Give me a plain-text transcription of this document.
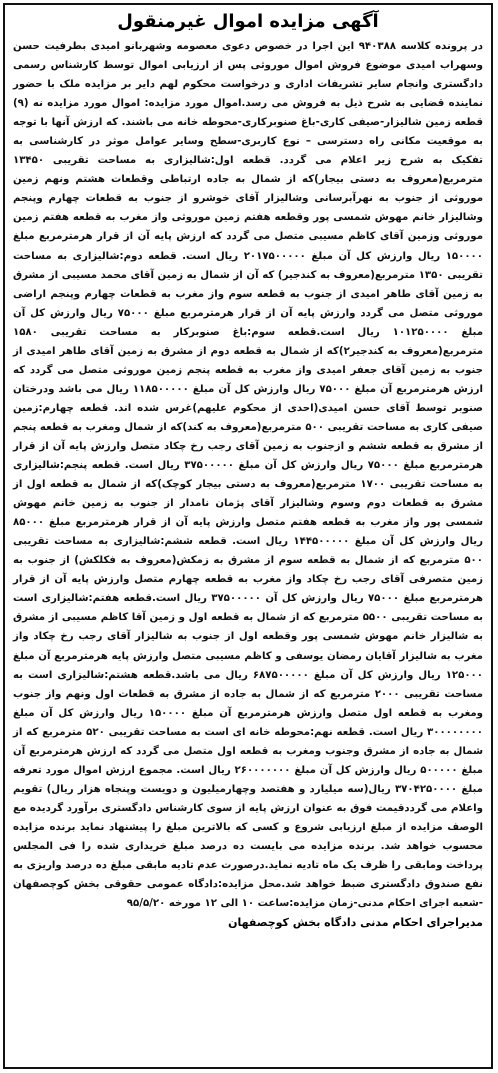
آگهی مزایده اموال غیرمنقول

در پرونده کلاسه ۹۴۰۳۸۸ این اجرا در خصوص دعوی معصومه وشهربانو امیدی بطرفیت حسن وسهراب امیدی موضوع فروش اموال موروثی پس از ارزیابی اموال توسط کارشناس رسمی دادگستری وانجام سایر تشریفات اداری و درخواست محکوم لهم دایر بر مزایده ملک با حضور نماینده قضایی به شرح ذیل به فروش می رسد.اموال مورد مزایده: اموال مورد مزایده نه (۹) قطعه زمین شالیزار-صیفی کاری-باغ صنوبرکاری-محوطه خانه می باشند. که ارزش آنها با توجه به موقعیت مکانی راه دسترسی – نوع کاربری-سطح وسایر عوامل موثر در کارشناسی به تفکیک به شرح زیر اعلام می گردد. قطعه اول:شالیزاری به مساحت تقریبی ۱۳۴۵۰ مترمربع(معروف به دستی بیجار)که از شمال به جاده ارتباطی وقطعات هشتم ونهم زمین موروثی از جنوب به نهرآبرسانی وشالیزار آقای خوشرو از جنوب به قطعات چهارم وپنجم وشالیزار خانم مهوش شمسی پور وقطعه هفتم زمین موروثی واز مغرب به قطعه هفتم زمین موروثی وزمین آقای کاظم مسیبی متصل می گردد که ارزش پایه آن از قرار هرمترمربع مبلغ ۱۵۰۰۰۰ ریال وارزش کل آن مبلغ ۲۰۱۷۵۰۰۰۰۰ ریال است. قطعه دوم:شالیزاری به مساحت تقریبی ۱۳۵۰ مترمربع(معروف به کندجیر) که آن از شمال به زمین آقای محمد مسیبی از مشرق به زمین آقای طاهر امیدی از جنوب به قطعه سوم واز مغرب به قطعات چهارم وپنجم اراضی موروثی متصل می گردد وارزش پایه آن از قرار هرمترمربع مبلغ ۷۵۰۰۰ ریال وارزش کل آن مبلغ ۱۰۱۲۵۰۰۰۰ ریال است.قطعه سوم:باغ صنوبرکار به مساحت تقریبی ۱۵۸۰ مترمربع(معروف به کندجیر۲)که از شمال به قطعه دوم از مشرق به زمین آقای طاهر امیدی از جنوب به زمین آقای جعفر امیدی واز مغرب به قطعه پنجم زمین موروثی متصل می گردد که ارزش هرمترمربع آن مبلغ ۷۵۰۰۰ ریال وارزش کل آن مبلغ ۱۱۸۵۰۰۰۰۰ ریال می باشد ودرختان صنوبر توسط آقای حسن امیدی(احدی از محکوم علیهم)غرس شده اند. قطعه چهارم:زمین صیفی کاری به مساحت تقریبی ۵۰۰ مترمربع(معروف به کند)که از شمال ومغرب به قطعه پنجم از مشرق به قطعه ششم و ازجنوب به زمین آقای رجب رخ چکاد متصل وارزش پایه آن از قرار هرمترمربع مبلغ ۷۵۰۰۰ ریال وارزش کل آن مبلغ ۳۷۵۰۰۰۰۰ ریال است. قطعه پنجم:شالیزاری به مساحت تقریبی ۱۷۰۰ مترمربع(معروف به دستی بیجار کوچک)که از شمال به قطعه اول از مشرق به قطعات دوم وسوم وشالیزار آقای پژمان نامدار از جنوب به زمین خانم مهوش شمسی پور واز مغرب به قطعه هفتم متصل وارزش پایه آن از قرار هرمترمربع مبلغ ۸۵۰۰۰ ریال وارزش کل آن مبلغ ۱۴۴۵۰۰۰۰۰ ریال است. قطعه ششم:شالیزاری به مساحت تقریبی ۵۰۰ مترمربع که از شمال به قطعه سوم از مشرق به زمکش(معروف به فکلکش) از جنوب به زمین متصرفی آقای رجب رخ چکاد واز مغرب به قطعه چهارم متصل وارزش پایه آن از قرار هرمترمربع مبلغ ۷۵۰۰۰ ریال وارزش کل آن ۳۷۵۰۰۰۰۰ ریال است.قطعه هفتم:شالیزاری است به مساحت تقریبی ۵۵۰۰ مترمربع که از شمال به قطعه اول و زمین آقا کاظم مسیبی از مشرق به شالیزار خانم مهوش شمسی پور وقطعه اول از جنوب به شالیزار آقای رجب رخ چکاد واز مغرب به شالیزار آقایان رمضان یوسفی و کاظم مسیبی متصل وارزش پایه هرمترمربع آن مبلغ ۱۲۵۰۰۰ ریال وارزش کل آن مبلغ ۶۸۷۵۰۰۰۰۰ ریال می باشد.قطعه هشتم:شالیزاری است به مساحت تقریبی ۲۰۰۰ مترمربع که از شمال به جاده از مشرق به قطعات اول ونهم واز جنوب ومغرب به قطعه اول متصل وارزش هرمترمربع آن مبلغ ۱۵۰۰۰۰ ریال وارزش کل آن مبلغ ۳۰۰۰۰۰۰۰۰ ریال است. قطعه نهم:محوطه خانه ای است به مساحت تقریبی ۵۲۰ مترمربع که از شمال به جاده از مشرق وجنوب ومغرب به قطعه اول متصل می گردد که ارزش هرمترمربع آن مبلغ ۵۰۰۰۰۰ ریال وارزش کل آن مبلغ ۲۶۰۰۰۰۰۰۰ ریال است. مجموع ارزش اموال مورد تعرفه مبلغ ۳۷۰۴۲۵۰۰۰۰ ریال(سه میلیارد و هفتصد وچهارمیلیون و دویست وپنجاه هزار ریال) تقویم واعلام می گرددقیمت فوق به عنوان ارزش پایه از سوی کارشناس دادگستری برآورد گردیده مع الوصف مزایده از مبلغ ارزیابی شروع و کسی که بالاترین مبلغ را پیشنهاد نماید برنده مزایده محسوب خواهد شد. برنده مزایده می بایست ده درصد مبلغ خریداری شده را فی المجلس پرداخت ومابقی را ظرف یک ماه تادیه نماید.درصورت عدم تادیه مابقی مبلغ ده درصد واریزی به نفع صندوق دادگستری ضبط خواهد شد.محل مزایده:دادگاه عمومی حقوقی بخش کوچصفهان -شعبه اجرای احکام مدنی-زمان مزایده:ساعت ۱۰ الی ۱۲ مورخه ۹۵/۵/۲۰

مدیراجرای احکام مدنی دادگاه بخش کوچصفهان
